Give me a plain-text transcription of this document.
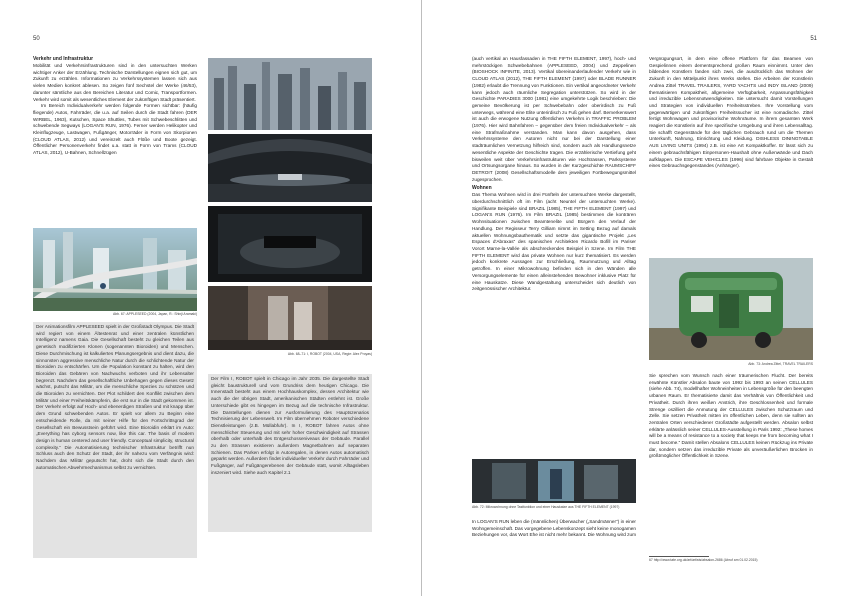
50

Verkehr und Infrastruktur

Mobilität und Verkehrsinfrastrukturen sind in den untersuchten Werken wichtiger Anker der Erzählung. Technische Darstellungen eignen sich gut, um Zukunft zu erzählen. Informationen zu Verkehrssystemen lassen sich aus vielen Medien konkret ablesen. So zeigen fünf Sechstel der Werke (46/53), darunter sämtliche aus den Bereichen Literatur und Comic, Transportformen. Verkehr wird somit als wesentliches Element der zukünftigen Stadt präsentiert.
Im Bereich Individualverkehr werden folgende Formen sichtbar: (häufig fliegende) Autos, Fahrräder, die u.a. auf Seilen durch die Stadt fahren (DER WIRBEL, 1963), Kutschen, Space Shuttles, Tubes mit Schwebeschlitten und schwebende Segways (LOGAN'S RUN, 1976). Ferner werden Helikopter und Kleinflugzeuge, Lastwagen, Fußgänger, Motorräder in Form von Skorpionen (CLOUD ATLAS, 2012) und vereinzelt auch Flöße und Boote gezeigt. Öffentlicher Personenverkehr findet u.a. statt in Form von Trams (CLOUD ATLAS, 2012), U-Bahnen, Schnellzügen
Abb. 67: APPLESEED (2004, Japan, R.: Shinji Aramaki)
Abb. 68–71: I, ROBOT (2004, USA, Regie: Alex Proyas)
Der Animationsfilm APPLESEED spielt in der Großstadt Olympus. Die Stadt wird regiert von einem Ältestenrat und einer zentralen künstlichen Intelligenz namens Gaia. Die Gesellschaft besteht zu gleichen Teilen aus genetisch modifizierten Klonen (sogenannten Bioroiden) und Menschen. Diese Durchmischung ist kalkuliertes Planungsergebnis und dient dazu, die sinnonsten aggressive menschliche Natur durch die schlichtende Natur der Bioroiden zu entschärfen. Um die Population konstant zu halten, wird den Bioroiden das Gebären von Nachwuchs verboten und ihr Lebensalter begrenzt. Nachdem das gesellschaftliche Unbehagen gegen dieses Gesetz wächst, putscht das Militär, um die menschliche Spezies zu schützen und die Bioroiden zu vernichten. Der Plot schildert den Konflikt zwischen dem Militär und einer Freiheitskämpferin, die erst nur in die Stadt gekommen ist. Der Verkehr erfolgt auf Hoch- und ebenerdigen Straßen und mit knapp über dem Grund schwebenden Autos. Er spielt vor allem zu Beginn eine entscheidende Rolle, da mit seiner Hilfe für den Fortschrittsgrad der Gesellschaft ein Bewusstsein geführt wird. Eine Bioroidin erklärt im Auto: „Everything has cyborg sensors now, like this car. The basis of modern design is human centered and user friendly. Conceptual simplicity, structural complexity.“ Die Automatisierung technischer Infrastruktur betrifft nun Schluss auch den Schutz der Stadt, der ihr nahezu vom Verfängnis wird: Nachdem das Militär geputscht hat, droht sich die Stadt durch den automatischen Abwehrmechanismus selbst zu vernichten.
Der Film I, ROBOT spielt in Chicago im Jahr 2035. Die dargestellte Stadt gleicht baustrukturell und vom Grundriss dem heutigen Chicago. Die Innenstadt besteht aus einem Hochhauskomplex, dessen Architektur wie auch die der übrigen Stadt, amerikanischen Städten entlehnt ist. Große Unterschiede gibt es hingegen im Bezug auf die technische Infrastruktur. Die Darstellungen dienen zur Ausformulierung des Hauptszenarios Technisierung der Lebenswelt. Im Film übernehmen Roboter verschiedene Dienstleistungen (z.B. Müllabfuhr). In I, ROBOT fahren Autos ohne menschlicher Steuerung und mit sehr hoher Geschwindigkeit auf Strassen oberhalb oder unterhalb des Entgeschosseniveaus der Gebäude. Parallel zu den Strassen existieren außerdem Magnetbahnen auf separaten Schienen. Das Parken erfolgt in Autoregalen, in denen Autos automatisch geparkt werden. Außerdem findet individueller Verkehr durch Fahrräder und Fußgänger, auf Fußgängerebenen der Gebäude statt, womit Alltagsleben inszeniert wird. Siehe auch Kapitel 2.1
51
(auch vertikal an Hausfassaden in THE FIFTH ELEMENT, 1997), hoch- und mehrstöckigen Schwebebahnen (APPLESEED, 2004) und Zeppelinen (BIOSHOCK INFINITE, 2013). Vertikal übereinanderlaufender Verkehr wie in CLOUD ATLAS (2012), THE FIFTH ELEMENT (1997) oder BLADE RUNNER (1982) erlaubt die Trennung von Funktionen. Ein vertikal angeordneter Verkehr kann jedoch auch räumliche Segregation unterstützen. So wird in der Geschichte PARADIES 3000 (1981) eine umgekehrte Logik beschrieben: Die gemeine Bevölkerung ist per Schwebebahn oder oberirdisch zu Fuß unterwegs, während eine Elite unterirdisch zu Fuß gehen darf. Bemerkenswert ist auch die erwogene Nutzung öffentlichen Verkehrs in TRAFFIC PROBLEM (1976). Hier wird Bahnfahren – gegenüber dem freien Individualverkehr – als eine Strafmaßnahme verstanden. Man kann davon ausgehen, dass Verkehrssysteme den Autoren nicht nur bei der Darstellung einer stadträumlichen Vernetzung hilfreich sind, sondern auch als Handlungsnetze wesentliche Aspekte der Geschichte tragen. Die erzählerische Vertiefung geht bisweilen weit über Verkehrsinfrastrukturen wie Hochtrassen, Parksysteme und Ortsungsorgane hinaus. So wurden in der Kurzgeschichte RAUMSCHIFF DETROIT (2008) Gesellschaftsmodelle dem jeweiligen Fortbewegungsmittel zugesprochen.

Wohnen

Das Thema Wohnen wird in drei Fünfteln der untersuchten Werke dargestellt, überdurchschnittlich oft im Film (acht Neuntel der untersuchten Werke). Signifikante Beispiele sind BRAZIL (1985), THE FIFTH ELEMENT (1997) und LOGAN'S RUN (1976). Im Film BRAZIL (1985) bestimmen die konträren Wohnsituationen zwischen Beamtenelite und Bürgern den Verlauf der Handlung. Der Regisseur Terry Gilliam nimmt im Setting Bezug auf damals aktuellen Wohnungsbauthematik und setzte das gigantische Projekt „Les Espaces d'Abraxas“ des spanischen Architekten Ricardo Bofill im Pariser Vorort Marne-la-Vallée als abschreckendes Beispiel in Szene. Im Film THE FIFTH ELEMENT wird das private Wohnen nur kurz thematisiert. Es werden jedoch konkrete Aussagen zur Erschließung, Raumnutzung und Alltag getroffen. In einer Mikrowohnung befinden sich in den Wänden alle Versorgungselemente für einen alleinstehenden Bewohner inklusive Platz für eine Hauskatze. Diese Wandgestaltung unterscheidet sich deutlich von zeitgenössischer Architektur.
Abb. 72: Mikrowohnung ohne Tastfunktion und einer Hauskatze aus THE FIFTH ELEMENT (1997)
In LOGAN'S RUN leben die (männlichen) Überwacher („Sandmänner“) in einer Wohngemeinschaft. Das vorgegebene Lebenskonzept sieht keine monogamen Beziehungen vor, das Wort Ehe ist nicht mehr bekannt. Die Wohnung wird zum
Vergnügungsort, in dem eine offene Plattform für das Beamen von Gespielinnen einem dementsprechend großen Raum einnimmt. Unter den bildenden Künstlern fanden sich zwei, die ausdrücklich das Wohnen der Zukunft in den Mittelpunkt ihres Werks stellen. Die Arbeiten der Künstlerin Andrea Zittel TRAVEL TRAILERS, YARD YACHTS und INDY ISLAND (2009) thematisieren Kompaktheit, allgemeine Verfügbarkeit, Anpassungsfähigkeit und irreduzible Lebensnotwendigkeiten. Sie untersucht damit Vorstellungen und Strategien von individuellen Freiheitsstreben. Ihre Vorstellung vom gegenwärtigen und zukünftigen Freiheitssucher ist eine nomadische. Zittel fertigt Wohnwagen und provisorische Wohnräume. In ihrem gesamten Werk reagiert die Künstlerin auf ihre spezifische Umgebung und ihren Lebensalltag. Sie schafft Gegenstände für den täglichen Gebrauch rund um die Themen Unterkunft, Nahrung, Einrichtung und Kleidung. DISHLESS DININGTABLE AUS LIVING UNITS (1994) z.B. ist eine Art Kompaktkoffer. Er lässt sich zu einem gebrauchsfähigen Einpersonen-Haushalt ohne Außenwände und Dach aufklappen. Die ESCAPE VEHICLES (1996) sind fahrbare Objekte in Gestalt eines Gebrauchsgegenstandes (Anhänger).
Abb. 73: Andrea Zittel, TRAVEL TRAILERS
Sie sprechen vom Wunsch nach einer träumerischen Flucht. Der bereits erwähnte Künstler Absalon baute von 1992 bis 1993 an seinen CELLULES (siehe Abb. 74), modellhafter Wohneinheiten in Lebensgröße für den beengten urbanen Raum. Er thematisierte damit das Verhältnis von Öffentlichkeit und Privatheit. Durch ihren weißen Anstrich, ihre Geschlossenheit und formale Strenge oszilliert die Anmutung der CELLULES zwischen Schutzraum und Zelle. Sie setzen Privatheit mitten im öffentlichen Leben, denn sie sollten an zentralen Orten verschiedener Großstädte aufgestellt werden. Absalon selbst erklärte anlässlich seiner CELLULES-Ausstellung in Paris 1992: „These homes will be a means of resistance to a society that keeps me from becoming what I must become.“ Damit stellen Absalons CELLULES keinen Rückzug ins Private dar, sondern setzen das irreduzible Private als unveräußerlichen Brocken in größtmöglicher Öffentlichkeit in Szene.
67 http://www.tate.org.uk/art/artists/absalon-2686 (Abruf am 01.02.2015)
